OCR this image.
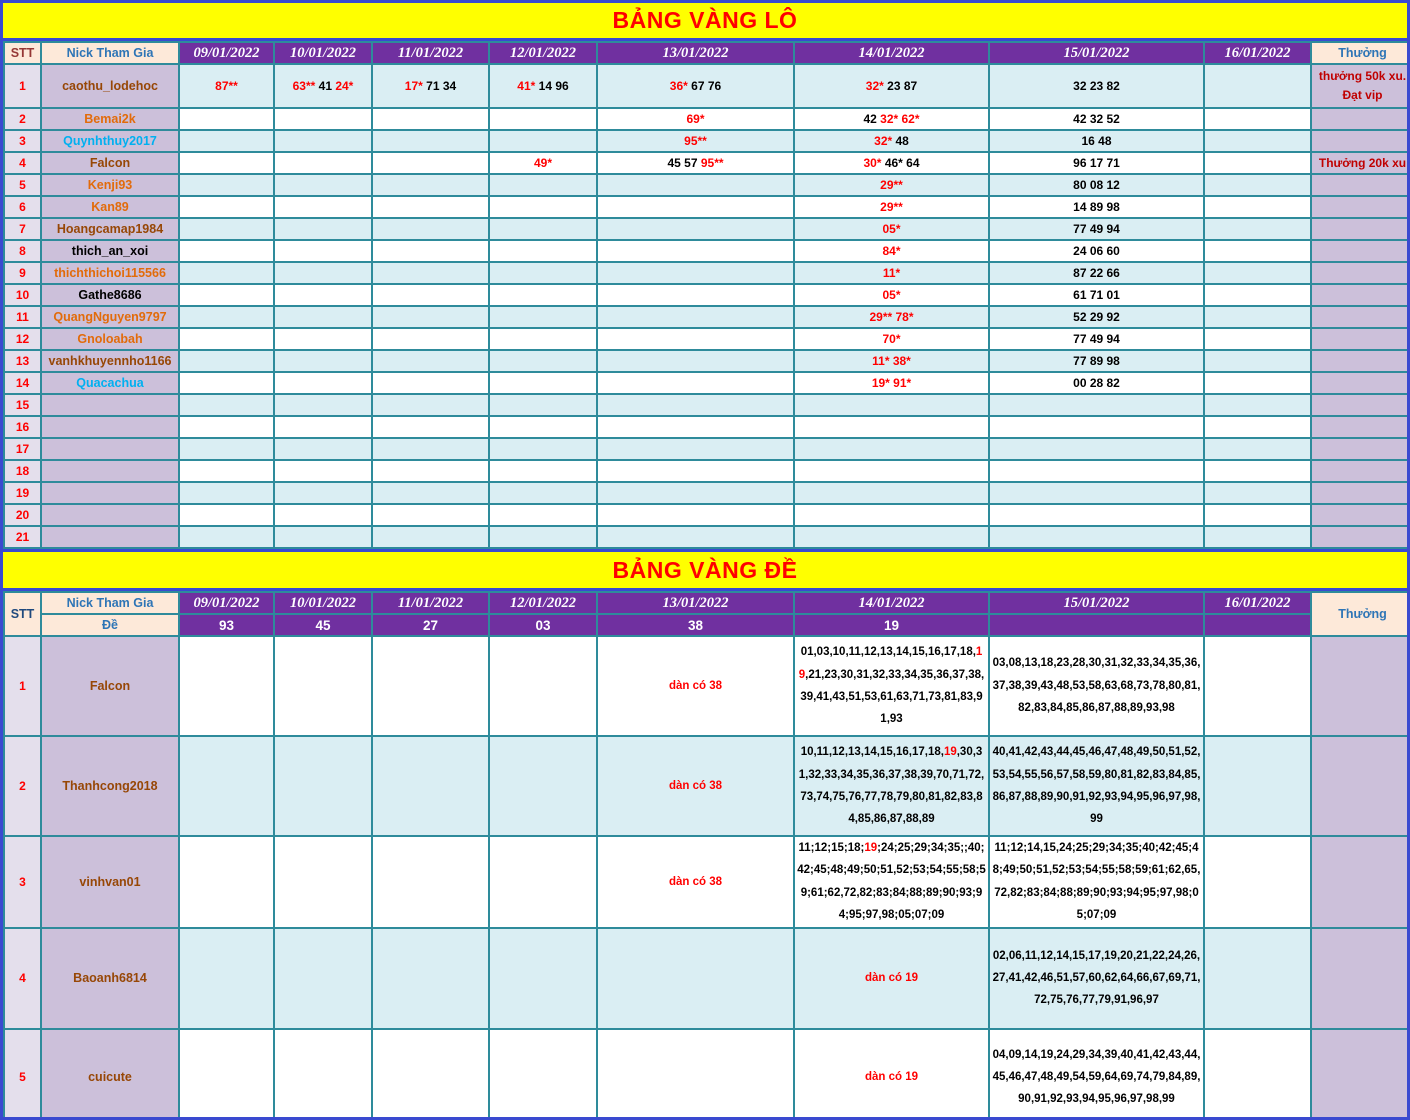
BẢNG VÀNG LÔ
STT	Nick Tham Gia	09/01/2022	10/01/2022	11/01/2022	12/01/2022	13/01/2022	14/01/2022	15/01/2022	16/01/2022	Thưởng
1	caothu_lodehoc	87**	63** 41 24*	17* 71 34	41* 14 96	36* 67 76	32* 23 87	32 23 82		thưởng 50k xu. Đạt vip
2	Bemai2k					69*	42 32* 62*	42 32 52		
3	Quynhthuy2017					95**	32* 48	16 48		
4	Falcon				49*	45 57 95**	30* 46* 64	96 17 71		Thưởng 20k xu
5	Kenji93						29**	80 08 12		
6	Kan89						29**	14 89 98		
7	Hoangcamap1984						05*	77 49 94		
8	thich_an_xoi						84*	24 06 60		
9	thichthichoi115566						11*	87 22 66		
10	Gathe8686						05*	61 71 01		
11	QuangNguyen9797						29** 78*	52 29 92		
12	Gnoloabah						70*	77 49 94		
13	vanhkhuyennho1166						11* 38*	77 89 98		
14	Quacachua						19* 91*	00 28 82		
15										
16										
17										
18										
19										
20										
21										
BẢNG VÀNG ĐỀ
STT	Nick Tham Gia	09/01/2022	10/01/2022	11/01/2022	12/01/2022	13/01/2022	14/01/2022	15/01/2022	16/01/2022	Thưởng
	Đề	93	45	27	03	38	19			
1	Falcon					dàn có 38	01,03,10,11,12,13,14,15,16,17,18,19,21,23,30,31,32,33,34,35,36,37,38,39,41,43,51,53,61,63,71,73,81,83,91,93	03,08,13,18,23,28,30,31,32,33,34,35,36,37,38,39,43,48,53,58,63,68,73,78,80,81,82,83,84,85,86,87,88,89,93,98		
2	Thanhcong2018					dàn có 38	10,11,12,13,14,15,16,17,18,19,30,31,32,33,34,35,36,37,38,39,70,71,72,73,74,75,76,77,78,79,80,81,82,83,84,85,86,87,88,89	40,41,42,43,44,45,46,47,48,49,50,51,52,53,54,55,56,57,58,59,80,81,82,83,84,85,86,87,88,89,90,91,92,93,94,95,96,97,98,99		
3	vinhvan01					dàn có 38	11;12;15;18;19;24;25;29;34;35;;40;42;45;48;49;50;51,52;53;54;55;58;59;61;62,72,82;83;84;88;89;90;93;94;95;97,98;05;07;09	11;12;14,15,24;25;29;34;35;40;42;45;48;49;50;51,52;53;54;55;58;59;61;62,65,72,82;83;84;88;89;90;93;94;95;97,98;05;07;09		
4	Baoanh6814						dàn có 19	02,06,11,12,14,15,17,19,20,21,22,24,26,27,41,42,46,51,57,60,62,64,66,67,69,71,72,75,76,77,79,91,96,97		
5	cuicute						dàn có 19	04,09,14,19,24,29,34,39,40,41,42,43,44,45,46,47,48,49,54,59,64,69,74,79,84,89,90,91,92,93,94,95,96,97,98,99		
